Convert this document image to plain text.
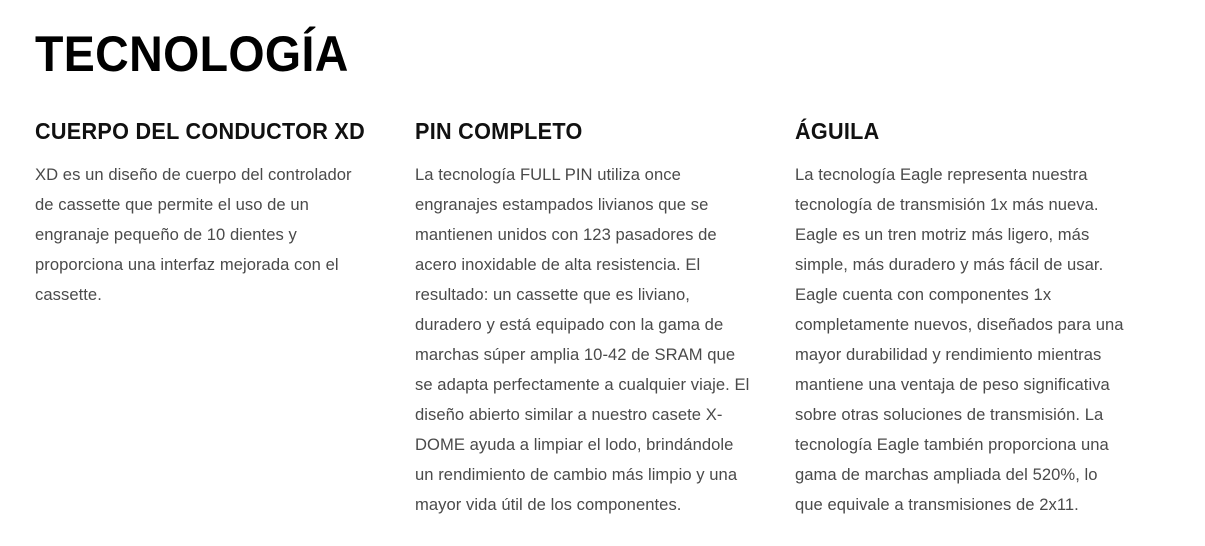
TECNOLOGÍA
CUERPO DEL CONDUCTOR XD

XD es un diseño de cuerpo del controlador de cassette que permite el uso de un engranaje pequeño de 10 dientes y proporciona una interfaz mejorada con el cassette.

PIN COMPLETO

La tecnología FULL PIN utiliza once engranajes estampados livianos que se mantienen unidos con 123 pasadores de acero inoxidable de alta resistencia. El resultado: un cassette que es liviano, duradero y está equipado con la gama de marchas súper amplia 10-42 de SRAM que se adapta perfectamente a cualquier viaje. El diseño abierto similar a nuestro casete X-DOME ayuda a limpiar el lodo, brindándole un rendimiento de cambio más limpio y una mayor vida útil de los componentes.

ÁGUILA

La tecnología Eagle representa nuestra tecnología de transmisión 1x más nueva. Eagle es un tren motriz más ligero, más simple, más duradero y más fácil de usar. Eagle cuenta con componentes 1x completamente nuevos, diseñados para una mayor durabilidad y rendimiento mientras mantiene una ventaja de peso significativa sobre otras soluciones de transmisión. La tecnología Eagle también proporciona una gama de marchas ampliada del 520%, lo que equivale a transmisiones de 2x11.
